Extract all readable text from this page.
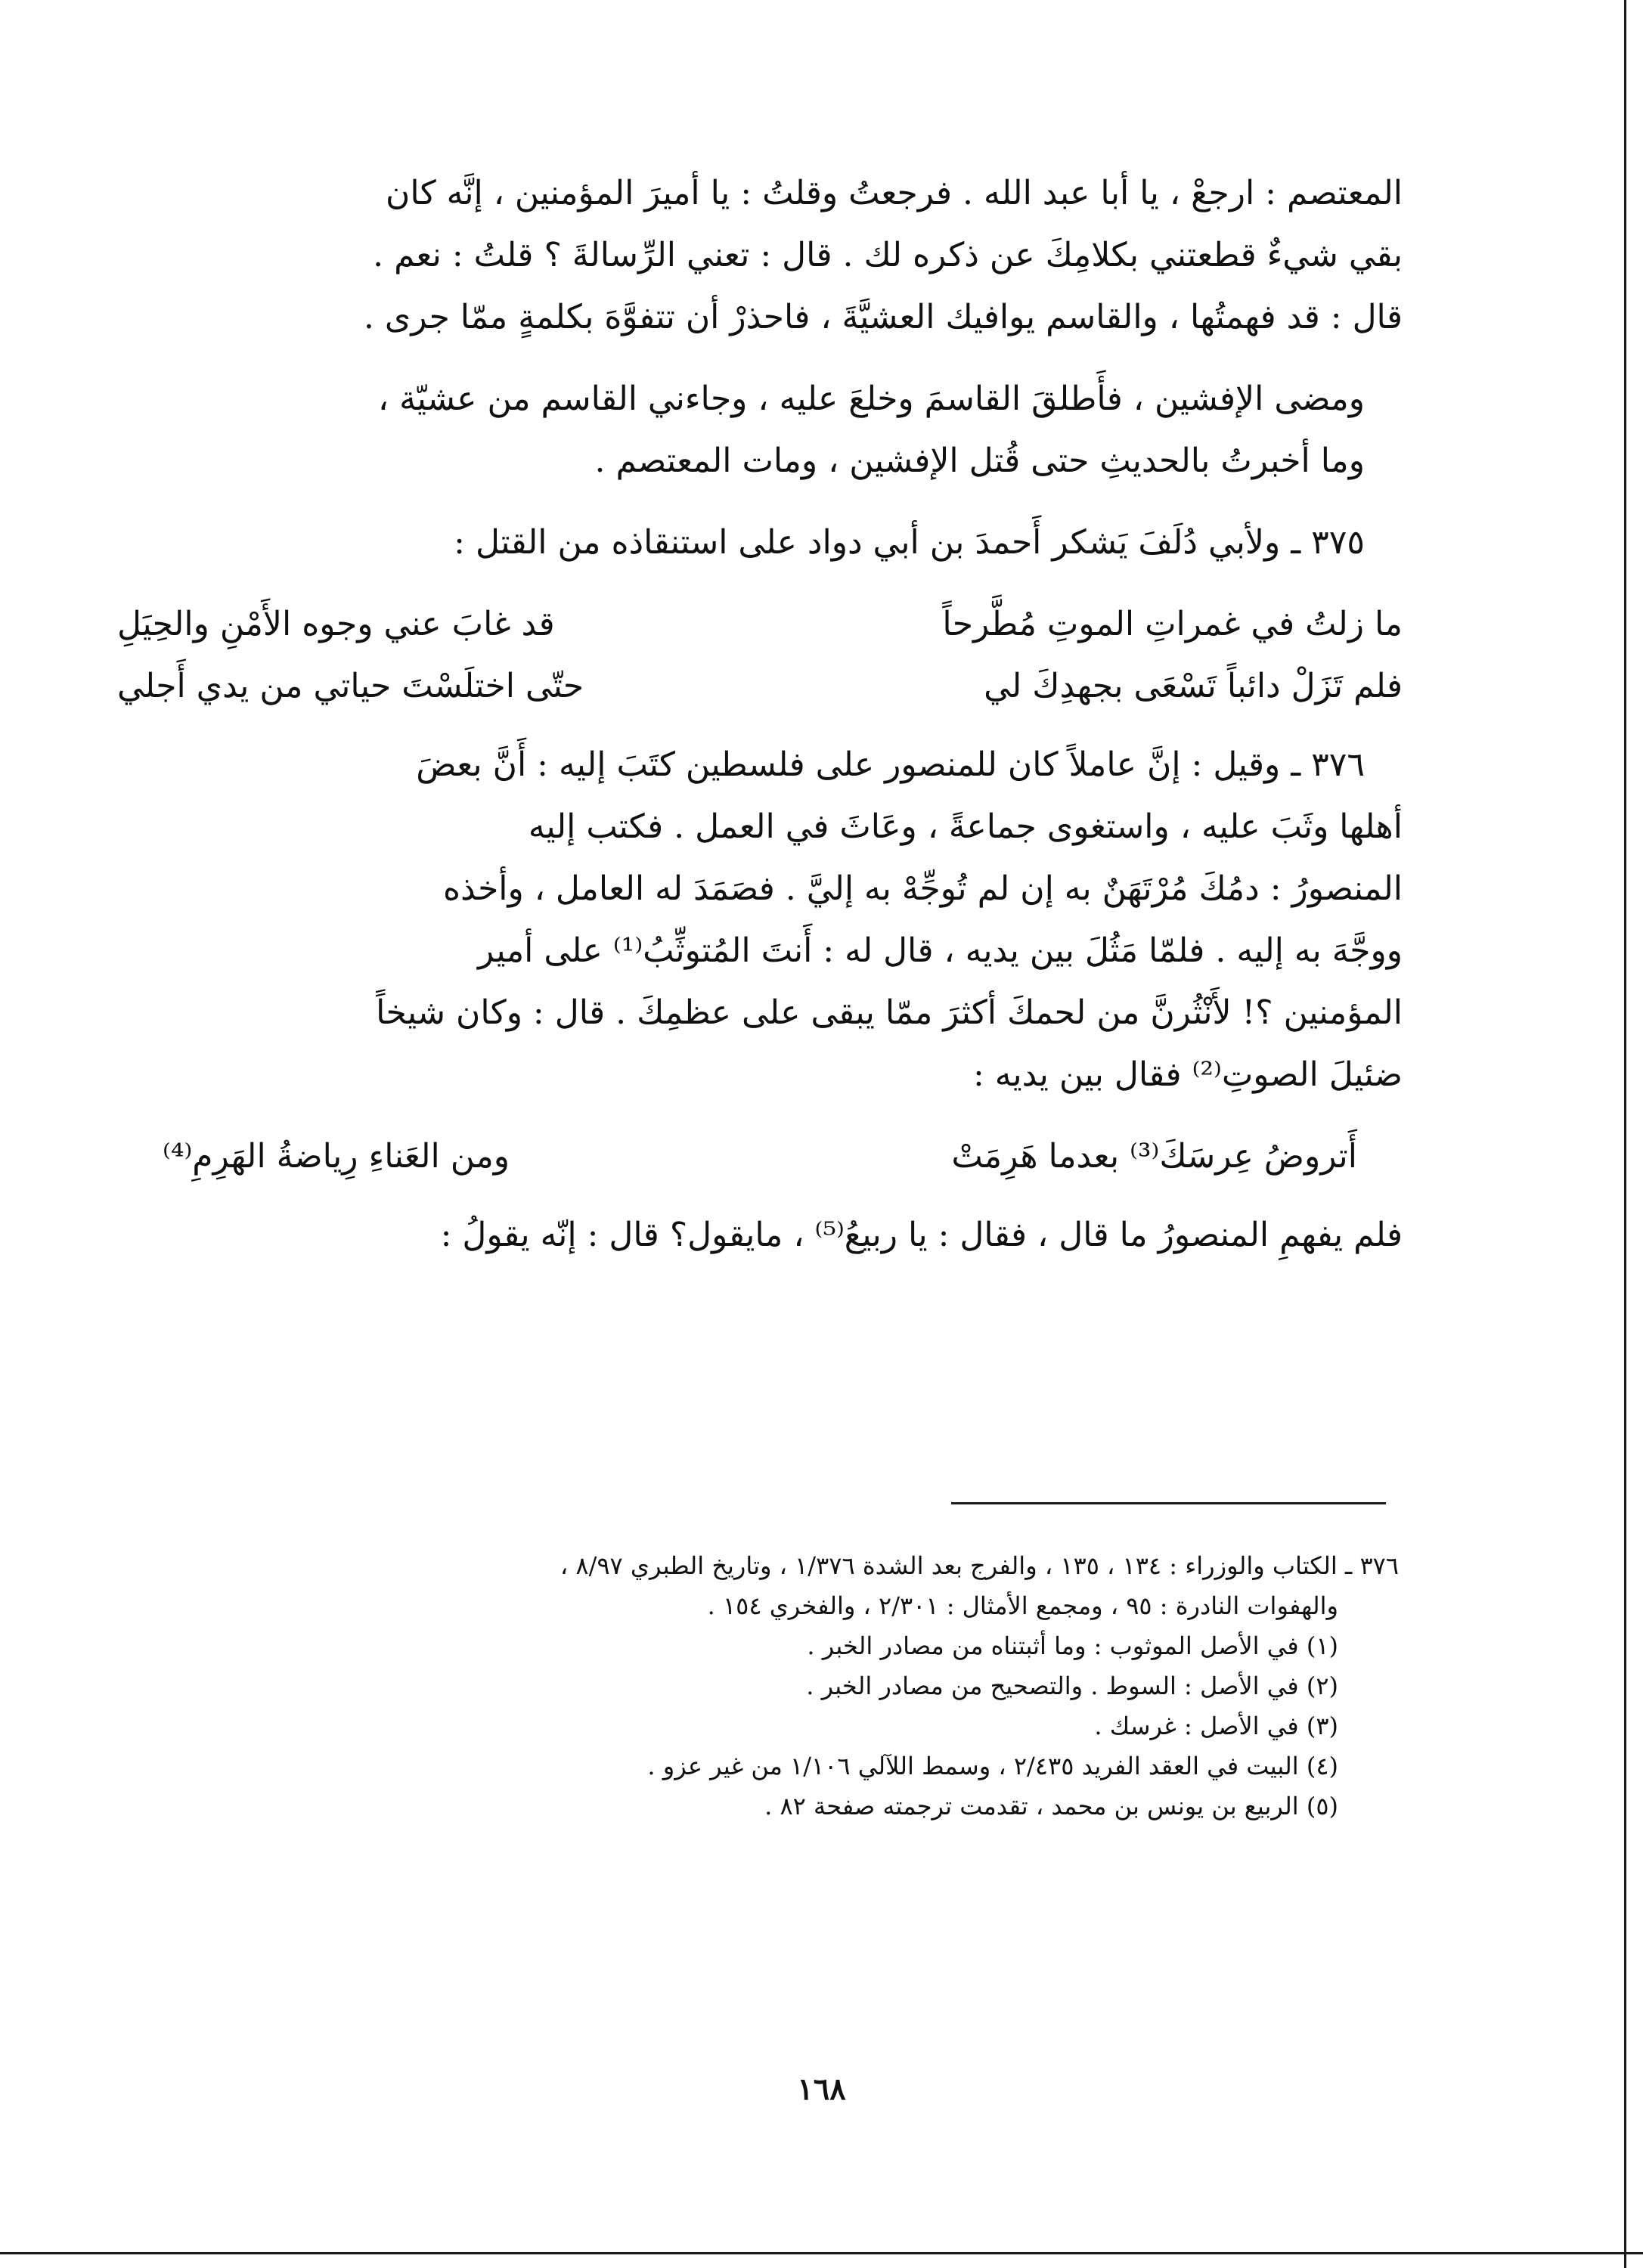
المعتصم : ارجعْ ، يا أبا عبد الله . فرجعتُ وقلتُ : يا أميرَ المؤمنين ، إنَّه كان
بقي شيءٌ قطعتني بكلامِكَ عن ذكره لك . قال : تعني الرِّسالةَ ؟ قلتُ : نعم .
قال : قد فهمتُها ، والقاسم يوافيك العشيَّةَ ، فاحذرْ أن تتفوَّهَ بكلمةٍ ممّا جرى .
ومضى الإفشين ، فأَطلقَ القاسمَ وخلعَ عليه ، وجاءني القاسم من عشيّة ،
وما أخبرتُ بالحديثِ حتى قُتل الإفشين ، ومات المعتصم .
٣٧٥ ـ ولأبي دُلَفَ يَشكر أَحمدَ بن أبي دواد على استنقاذه من القتل :
ما زلتُ في غمراتِ الموتِ مُطَّرحاً
قد غابَ عني وجوه الأَمْنِ والحِيَلِ
فلم تَزَلْ دائباً تَسْعَى بجهدِكَ لي
حتّى اختلَسْتَ حياتي من يدي أَجلي
٣٧٦ ـ وقيل : إنَّ عاملاً كان للمنصور على فلسطين كتَبَ إليه : أَنَّ بعضَ
أهلها وثَبَ عليه ، واستغوى جماعةً ، وعَاثَ في العمل . فكتب إليه
المنصورُ : دمُكَ مُرْتَهَنٌ به إن لم تُوجِّهْ به إليَّ . فصَمَدَ له العامل ، وأخذه
ووجَّهَ به إليه . فلمّا مَثُلَ بين يديه ، قال له : أَنتَ المُتوثِّبُ⁽¹⁾ على أمير
المؤمنين ؟! لأَنْثُرنَّ من لحمكَ أكثرَ ممّا يبقى على عظمِكَ . قال : وكان شيخاً
ضئيلَ الصوتِ⁽²⁾ فقال بين يديه :
أَتروضُ عِرسَكَ⁽³⁾ بعدما هَرِمَتْ
ومن العَناءِ رِياضةُ الهَرِمِ⁽⁴⁾
فلم يفهمِ المنصورُ ما قال ، فقال : يا ربيعُ⁽⁵⁾ ، مايقول؟ قال : إنّه يقولُ :
٣٧٦ ـ الكتاب والوزراء : ١٣٤ ، ١٣٥ ، والفرج بعد الشدة ١/٣٧٦ ، وتاريخ الطبري ٨/٩٧ ،
والهفوات النادرة : ٩٥ ، ومجمع الأمثال : ٢/٣٠١ ، والفخري ١٥٤ .
(١) في الأصل الموثوب : وما أثبتناه من مصادر الخبر .
(٢) في الأصل : السوط . والتصحيح من مصادر الخبر .
(٣) في الأصل : غرسك .
(٤) البيت في العقد الفريد ٢/٤٣٥ ، وسمط اللآلي ١/١٠٦ من غير عزو .
(٥) الربيع بن يونس بن محمد ، تقدمت ترجمته صفحة ٨٢ .
١٦٨
